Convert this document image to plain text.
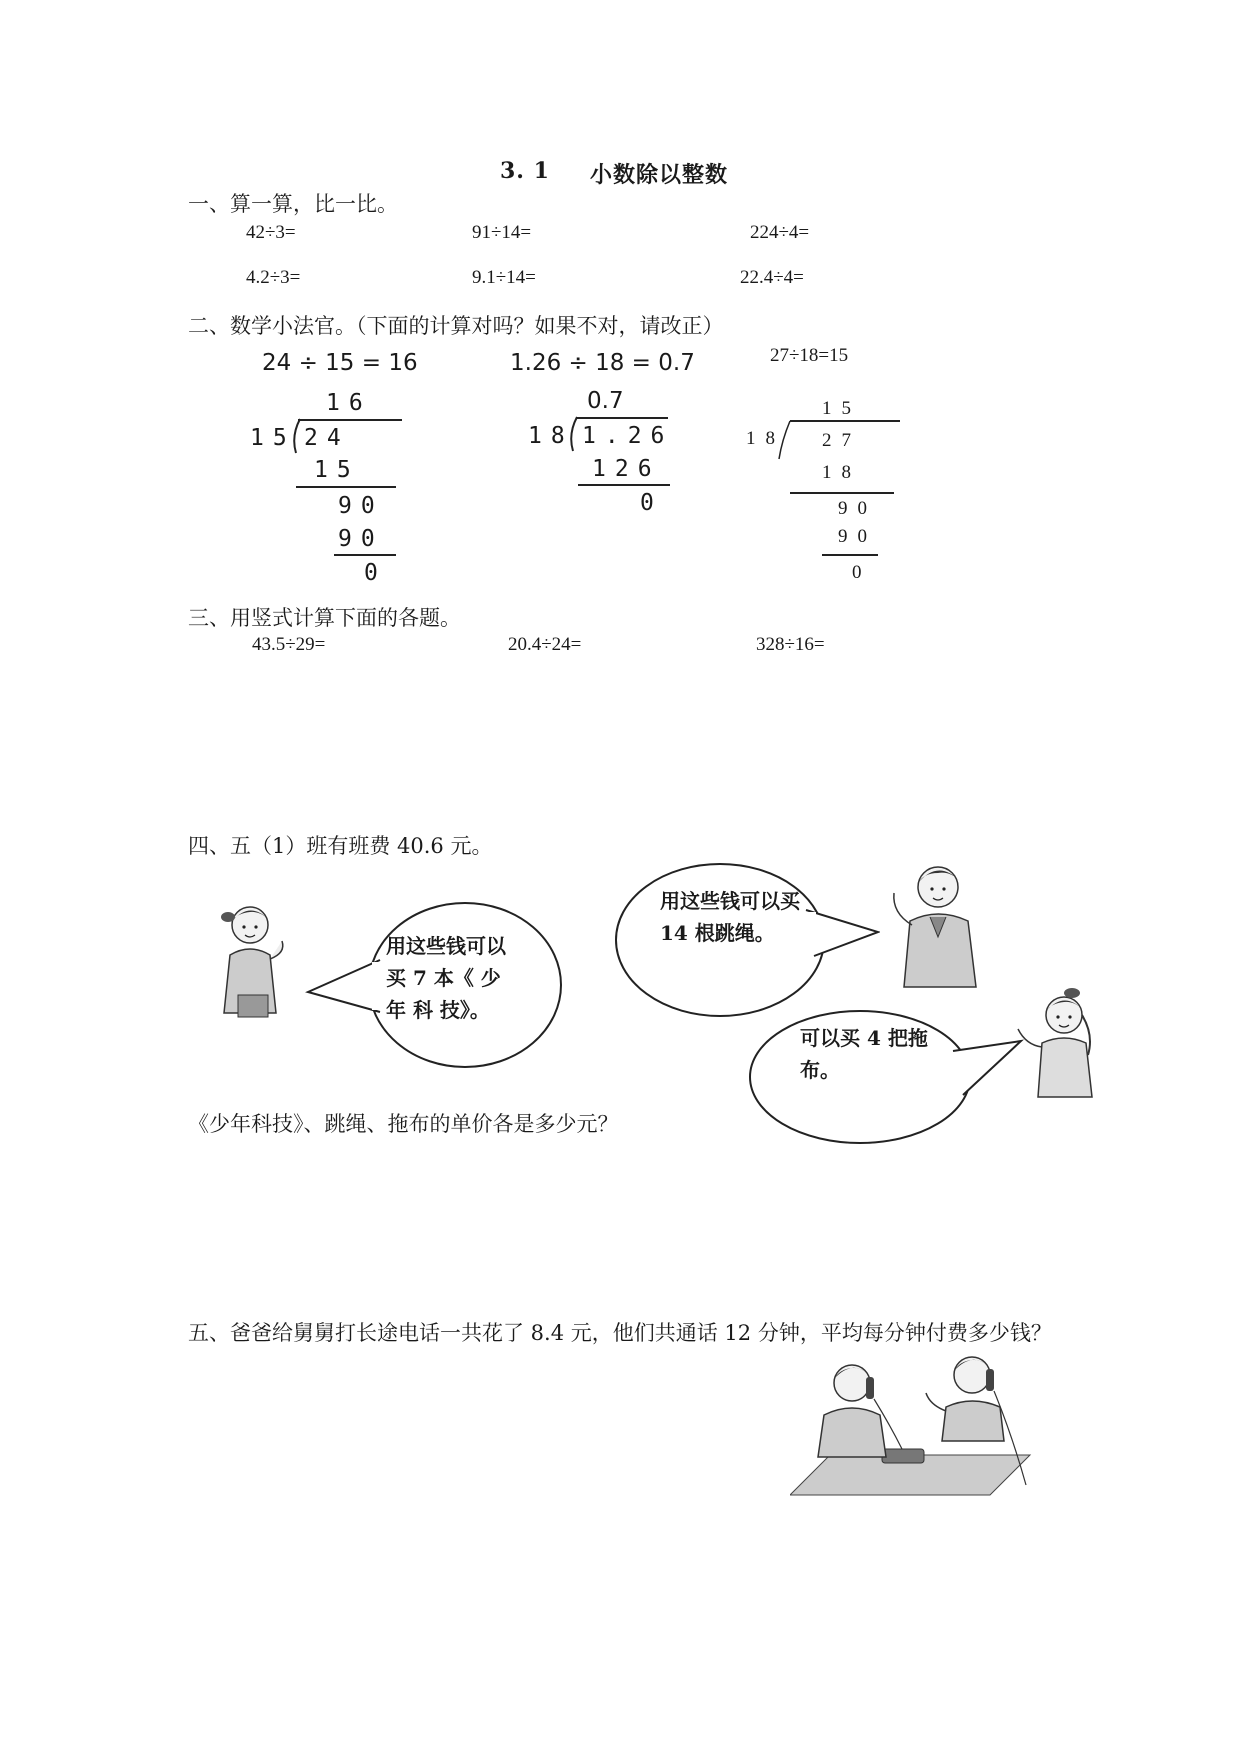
3. 1 小数除以整数
一、算一算，比一比。
42÷3=	91÷14=	224÷4=
4.2÷3=	9.1÷14=	22.4÷4=
二、数学小法官。（下面的计算对吗？如果不对，请改正）
24 ÷ 15 = 16
16
15 24
15
90
90
0
1.26 ÷ 18 = 0.7
0.7
18 1.26
126
0
27÷18=15
15
18 27
18
90
90
0
三、用竖式计算下面的各题。
43.5÷29=	20.4÷24=	328÷16=
四、五（1）班有班费 40.6 元。
用这些钱可以 买 7 本《 少 年 科 技》。
用这些钱可以买 14 根跳绳。
可以买 4 把拖布。
《少年科技》、跳绳、拖布的单价各是多少元？
五、爸爸给舅舅打长途电话一共花了 8.4 元，他们共通话 12 分钟，平均每分钟付费多少钱？
